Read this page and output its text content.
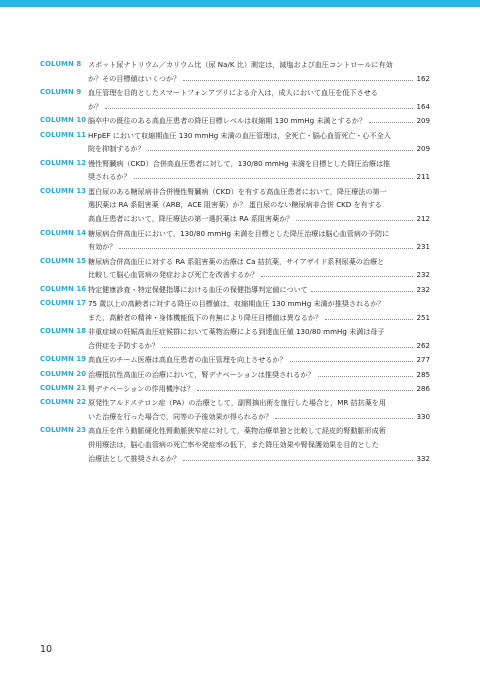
COLUMN 8 スポット尿ナトリウム／カリウム比（尿 Na/K 比）測定は，減塩および血圧コントロールに有効
か？その目標値はいくつか？	162
COLUMN 9 血圧管理を目的としたスマートフォンアプリによる介入は，成人において血圧を低下させる
か？	164
COLUMN 10 脳卒中の既往のある高血圧患者の降圧目標レベルは収縮期 130 mmHg 未満とするか？	209
COLUMN 11 HFpEF において収縮期血圧 130 mmHg 未満の血圧管理は，全死亡・脳心血管死亡・心不全入
院を抑制するか？	209
COLUMN 12 慢性腎臓病（CKD）合併高血圧患者に対して，130/80 mmHg 未満を目標とした降圧治療は推
奨されるか？	211
COLUMN 13 蛋白尿のある糖尿病非合併慢性腎臓病（CKD）を有する高血圧患者において，降圧療法の第一
選択薬は RA 系阻害薬（ARB，ACE 阻害薬）か？ 蛋白尿のない糖尿病非合併 CKD を有する
高血圧患者において，降圧療法の第一選択薬は RA 系阻害薬か？	212
COLUMN 14 糖尿病合併高血圧において，130/80 mmHg 未満を目標とした降圧治療は脳心血管病の予防に
有効か？	231
COLUMN 15 糖尿病合併高血圧に対する RA 系阻害薬の治療は Ca 拮抗薬，サイアザイド系利尿薬の治療と
比較して脳心血管病の発症および死亡を改善するか？	232
COLUMN 16 特定健康診査・特定保健指導における血圧の保健指導判定値について	232
COLUMN 17 75 歳以上の高齢者に対する降圧の目標値は，収縮期血圧 130 mmHg 未満が推奨されるか？
また，高齢者の精神・身体機能低下の有無により降圧目標値は異なるか？	251
COLUMN 18 非重症域の妊娠高血圧症候群において薬物治療による到達血圧値 130/80 mmHg 未満は母子
合併症を予防するか？	262
COLUMN 19 高血圧のチーム医療は高血圧患者の血圧管理を向上させるか？	277
COLUMN 20 治療抵抗性高血圧の治療において，腎デナベーションは推奨されるか？	285
COLUMN 21 腎デナベーションの作用機序は？	286
COLUMN 22 原発性アルドステロン症（PA）の治療として，副腎摘出術を施行した場合と，MR 拮抗薬を用
いた治療を行った場合で，同等の予後効果が得られるか？	330
COLUMN 23 高血圧を伴う動脈硬化性腎動脈狭窄症に対して，薬物治療単独と比較して経皮的腎動脈形成術
併用療法は，脳心血管病の死亡率や発症率の低下，また降圧効果や腎保護効果を目的とした
治療法として推奨されるか？	332
10
